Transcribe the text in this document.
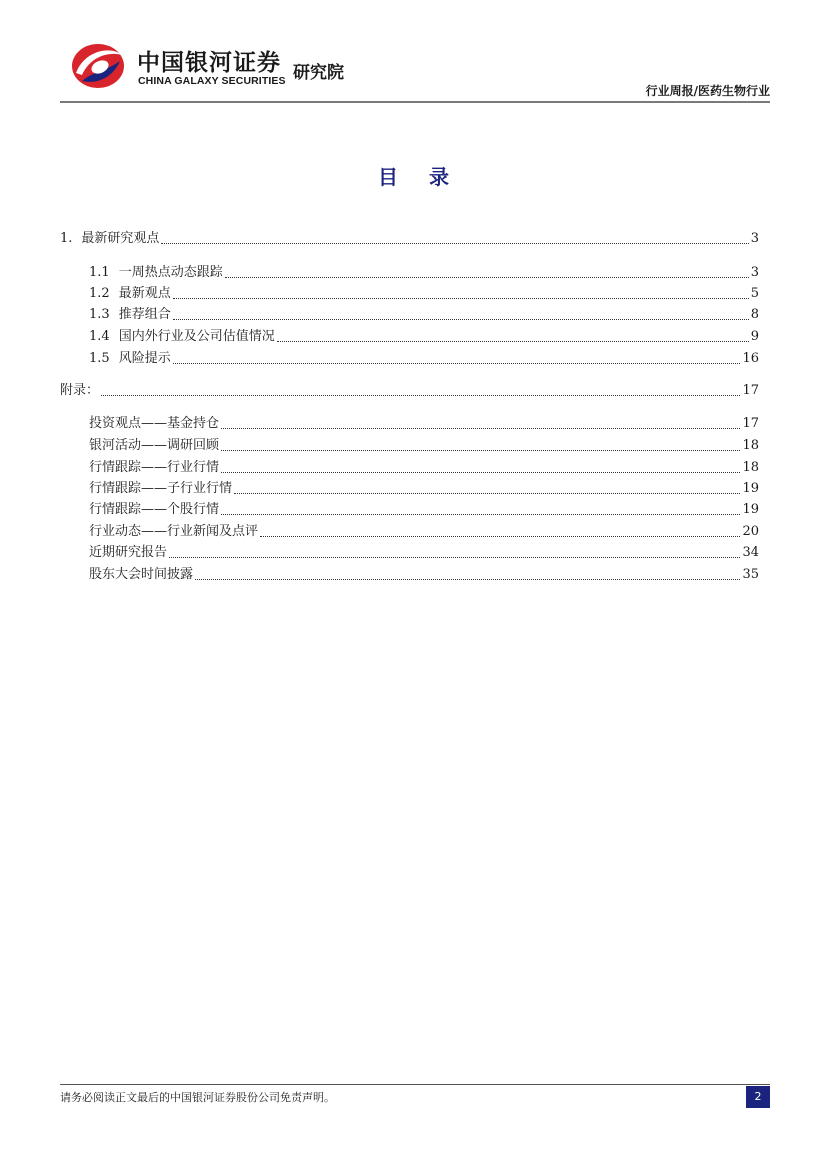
中国银河证券
CHINA GALAXY SECURITIES 研究院
行业周报/医药生物行业
目 录
1. 最新研究观点	3
1.1 一周热点动态跟踪	3
1.2 最新观点	5
1.3 推荐组合	8
1.4 国内外行业及公司估值情况	9
1.5 风险提示	16
附录：	17
投资观点——基金持仓	17
银河活动——调研回顾	18
行情跟踪——行业行情	18
行情跟踪——子行业行情	19
行情跟踪——个股行情	19
行业动态——行业新闻及点评	20
近期研究报告	34
股东大会时间披露	35
请务必阅读正文最后的中国银河证券股份公司免责声明。	2
